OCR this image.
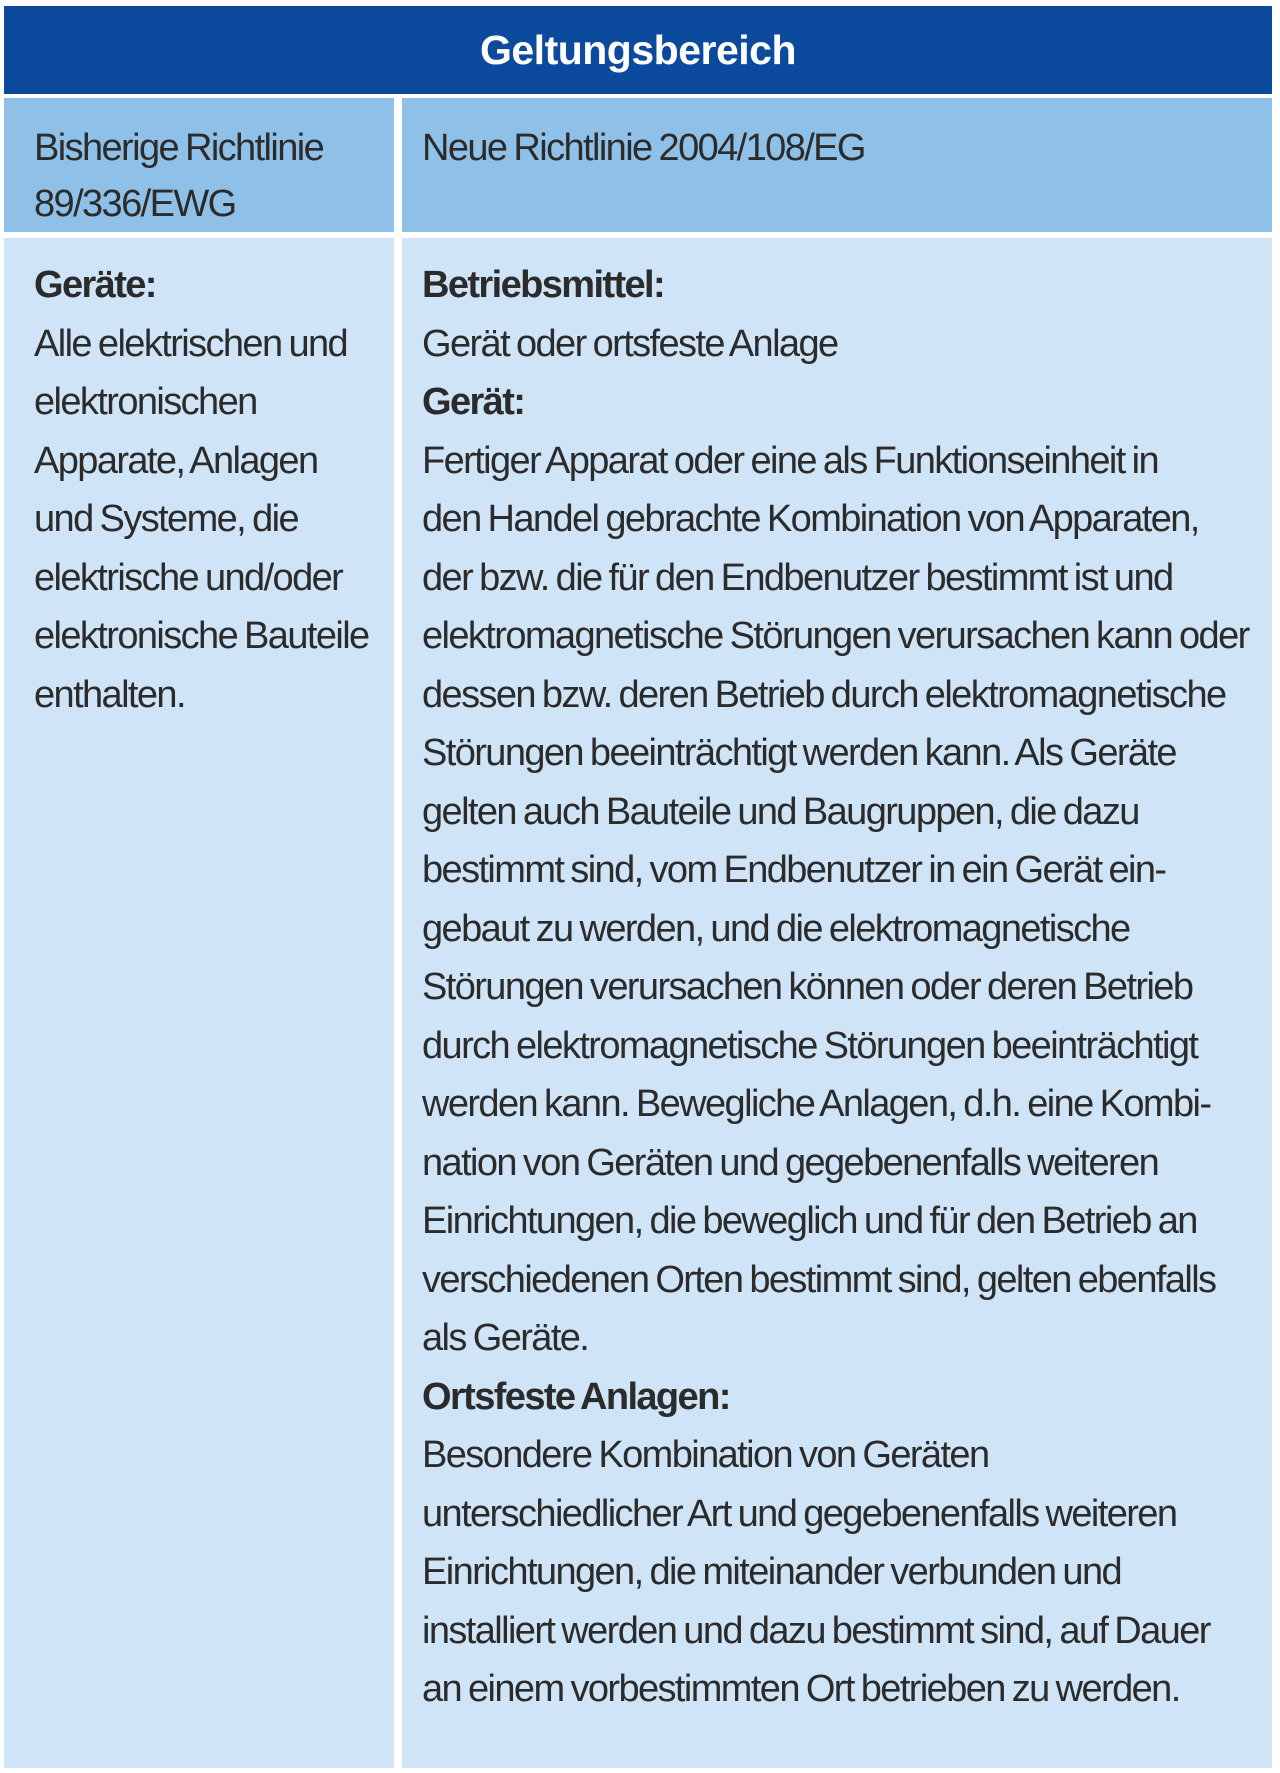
Geltungsbereich
Bisherige Richtlinie
89/336/EWG
Neue Richtlinie 2004/108/EG
Geräte:
Alle elektrischen und
elektronischen
Apparate, Anlagen
und Systeme, die
elektrische und/oder
elektronische Bauteile
enthalten.
Betriebsmittel:
Gerät oder ortsfeste Anlage
Gerät:
Fertiger Apparat oder eine als Funktionseinheit in
den Handel gebrachte Kombination von Apparaten,
der bzw. die für den Endbenutzer bestimmt ist und
elektromagnetische Störungen verursachen kann oder
dessen bzw. deren Betrieb durch elektromagnetische
Störungen beeinträchtigt werden kann. Als Geräte
gelten auch Bauteile und Baugruppen, die dazu
bestimmt sind, vom Endbenutzer in ein Gerät ein-
gebaut zu werden, und die elektromagnetische
Störungen verursachen können oder deren Betrieb
durch elektromagnetische Störungen beeinträchtigt
werden kann. Bewegliche Anlagen, d.h. eine Kombi-
nation von Geräten und gegebenenfalls weiteren
Einrichtungen, die beweglich und für den Betrieb an
verschiedenen Orten bestimmt sind, gelten ebenfalls
als Geräte.
Ortsfeste Anlagen:
Besondere Kombination von Geräten
unterschiedlicher Art und gegebenenfalls weiteren
Einrichtungen, die miteinander verbunden und
installiert werden und dazu bestimmt sind, auf Dauer
an einem vorbestimmten Ort betrieben zu werden.
